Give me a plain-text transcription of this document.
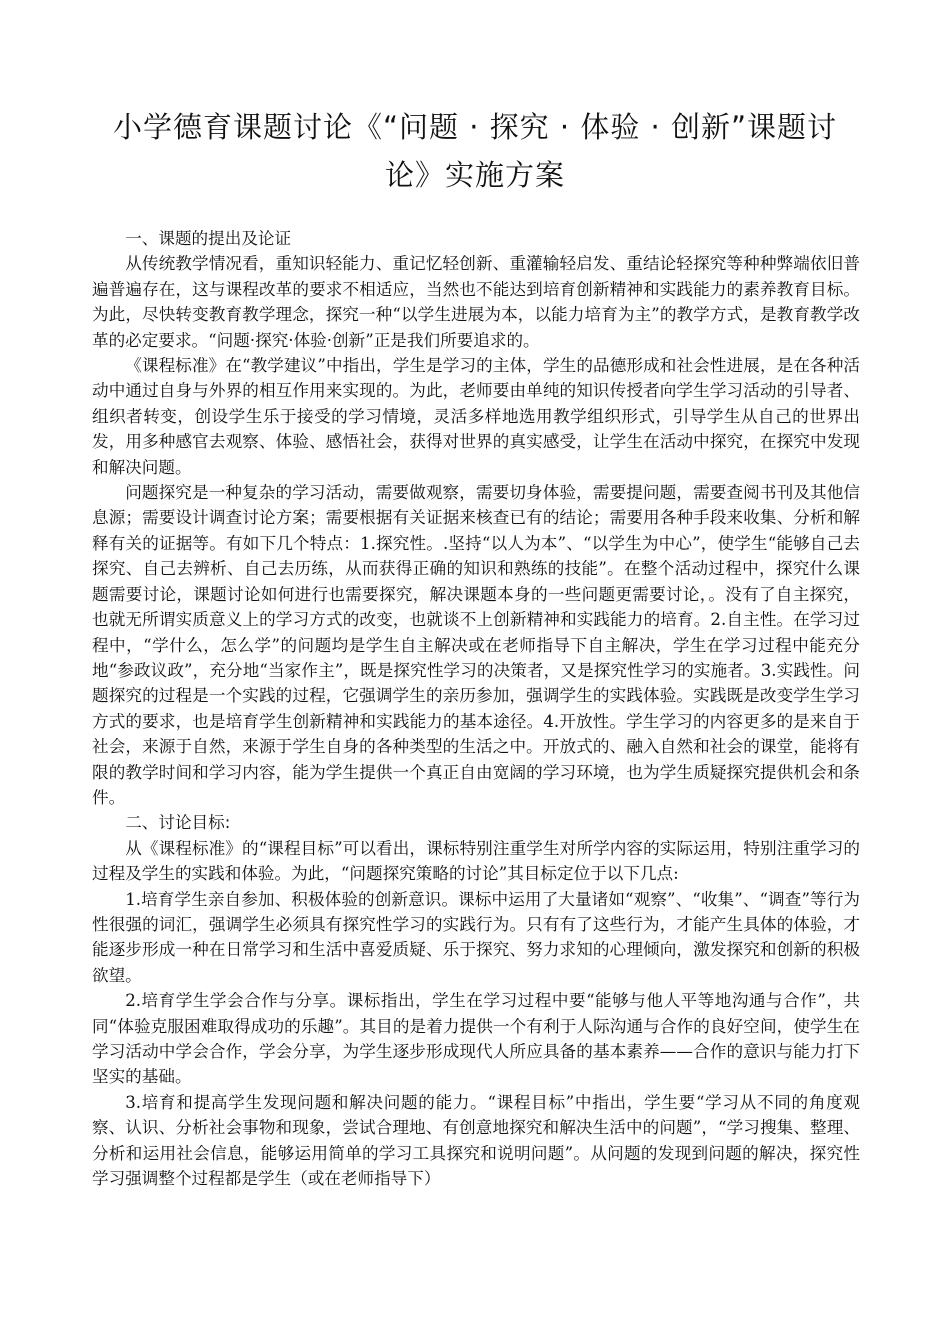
小学德育课题讨论《“问题 · 探究 · 体验 · 创新”课题讨
论》实施方案

一、课题的提出及论证

从传统教学情况看，重知识轻能力、重记忆轻创新、重灌输轻启发、重结论轻探究等种种弊端依旧普遍普遍存在，这与课程改革的要求不相适应，当然也不能达到培育创新精神和实践能力的素养教育目标。为此，尽快转变教育教学理念，探究一种“以学生进展为本，以能力培育为主”的教学方式，是教育教学改革的必定要求。“问题·探究·体验·创新”正是我们所要追求的。

《课程标准》在“教学建议”中指出，学生是学习的主体，学生的品德形成和社会性进展，是在各种活动中通过自身与外界的相互作用来实现的。为此，老师要由单纯的知识传授者向学生学习活动的引导者、组织者转变，创设学生乐于接受的学习情境，灵活多样地选用教学组织形式，引导学生从自己的世界出发，用多种感官去观察、体验、感悟社会，获得对世界的真实感受，让学生在活动中探究，在探究中发现和解决问题。

问题探究是一种复杂的学习活动，需要做观察，需要切身体验，需要提问题，需要查阅书刊及其他信息源；需要设计调查讨论方案；需要根据有关证据来核查已有的结论；需要用各种手段来收集、分析和解释有关的证据等。有如下几个特点：1.探究性。.坚持“以人为本”、“以学生为中心”，使学生“能够自己去探究、自己去辨析、自己去历练，从而获得正确的知识和熟练的技能”。在整个活动过程中，探究什么课题需要讨论，课题讨论如何进行也需要探究，解决课题本身的一些问题更需要讨论，。没有了自主探究，也就无所谓实质意义上的学习方式的改变，也就谈不上创新精神和实践能力的培育。2.自主性。在学习过程中，“学什么，怎么学”的问题均是学生自主解决或在老师指导下自主解决，学生在学习过程中能充分地“参政议政”，充分地“当家作主”，既是探究性学习的决策者，又是探究性学习的实施者。3.实践性。问题探究的过程是一个实践的过程，它强调学生的亲历参加，强调学生的实践体验。实践既是改变学生学习方式的要求，也是培育学生创新精神和实践能力的基本途径。4.开放性。学生学习的内容更多的是来自于社会，来源于自然，来源于学生自身的各种类型的生活之中。开放式的、融入自然和社会的课堂，能将有限的教学时间和学习内容，能为学生提供一个真正自由宽阔的学习环境，也为学生质疑探究提供机会和条件。

二、讨论目标:

从《课程标准》的“课程目标”可以看出，课标特别注重学生对所学内容的实际运用，特别注重学习的过程及学生的实践和体验。为此，“问题探究策略的讨论”其目标定位于以下几点:

1.培育学生亲自参加、积极体验的创新意识。课标中运用了大量诸如“观察”、“收集”、“调查”等行为性很强的词汇，强调学生必须具有探究性学习的实践行为。只有有了这些行为，才能产生具体的体验，才能逐步形成一种在日常学习和生活中喜爱质疑、乐于探究、努力求知的心理倾向，激发探究和创新的积极欲望。

2.培育学生学会合作与分享。课标指出，学生在学习过程中要“能够与他人平等地沟通与合作”，共同“体验克服困难取得成功的乐趣”。其目的是着力提供一个有利于人际沟通与合作的良好空间，使学生在学习活动中学会合作，学会分享，为学生逐步形成现代人所应具备的基本素养——合作的意识与能力打下坚实的基础。

3.培育和提高学生发现问题和解决问题的能力。“课程目标”中指出，学生要“学习从不同的角度观察、认识、分析社会事物和现象，尝试合理地、有创意地探究和解决生活中的问题”，“学习搜集、整理、分析和运用社会信息，能够运用简单的学习工具探究和说明问题”。从问题的发现到问题的解决，探究性学习强调整个过程都是学生（或在老师指导下）
